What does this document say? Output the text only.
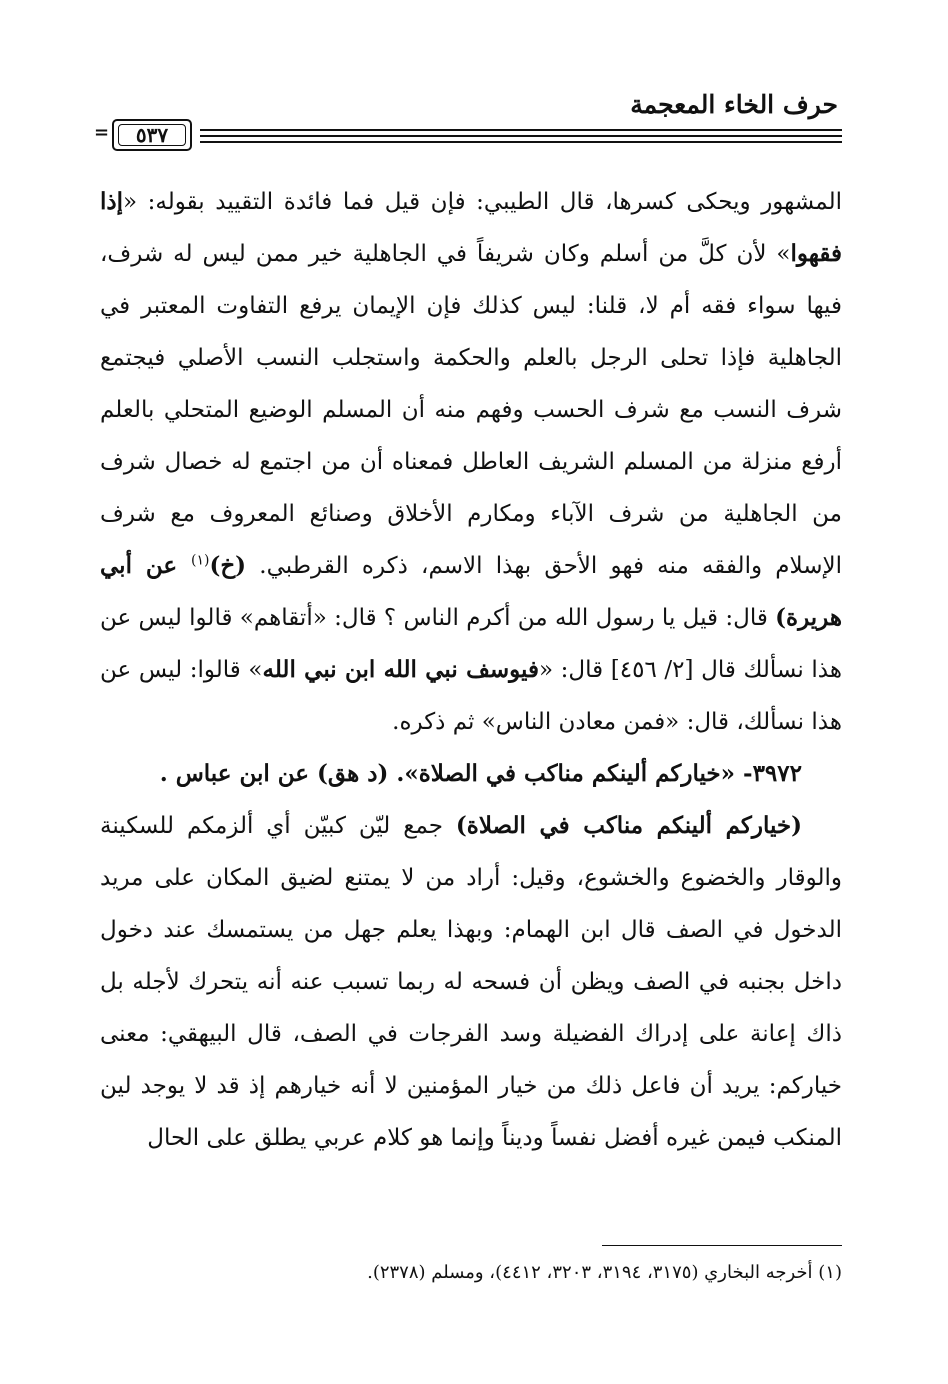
حرف الخاء المعجمة
=	٥٣٧

المشهور ويحكى كسرها، قال الطيبي: فإن قيل فما فائدة التقييد بقوله: «إذا فقهوا» لأن كلَّ من أسلم وكان شريفاً في الجاهلية خير ممن ليس له شرف، فيها سواء فقه أم لا، قلنا: ليس كذلك فإن الإيمان يرفع التفاوت المعتبر في الجاهلية فإذا تحلى الرجل بالعلم والحكمة واستجلب النسب الأصلي فيجتمع شرف النسب مع شرف الحسب وفهم منه أن المسلم الوضيع المتحلي بالعلم أرفع منزلة من المسلم الشريف العاطل فمعناه أن من اجتمع له خصال شرف من الجاهلية من شرف الآباء ومكارم الأخلاق وصنائع المعروف مع شرف الإسلام والفقه منه فهو الأحق بهذا الاسم، ذكره القرطبي. (خ)$^{(١)}$ عن أبي هريرة) قال: قيل يا رسول الله من أكرم الناس ؟ قال: «أتقاهم» قالوا ليس عن هذا نسألك قال [٢/ ٤٥٦] قال: «فيوسف نبي الله ابن نبي الله» قالوا: ليس عن هذا نسألك، قال: «فمن معادن الناس» ثم ذكره.

٣٩٧٢- «خياركم ألينكم مناكب في الصلاة». (د هق) عن ابن عباس .

(خياركم ألينكم مناكب في الصلاة) جمع ليّن كبيّن أي ألزمكم للسكينة والوقار والخضوع والخشوع، وقيل: أراد من لا يمتنع لضيق المكان على مريد الدخول في الصف قال ابن الهمام: وبهذا يعلم جهل من يستمسك عند دخول داخل بجنبه في الصف ويظن أن فسحه له ربما تسبب عنه أنه يتحرك لأجله بل ذاك إعانة على إدراك الفضيلة وسد الفرجات في الصف، قال البيهقي: معنى خياركم: يريد أن فاعل ذلك من خيار المؤمنين لا أنه خيارهم إذ قد لا يوجد لين المنكب فيمن غيره أفضل نفساً وديناً وإنما هو كلام عربي يطلق على الحال

(١) أخرجه البخاري (٣١٧٥، ٣١٩٤، ٣٢٠٣، ٤٤١٢)، ومسلم (٢٣٧٨).
